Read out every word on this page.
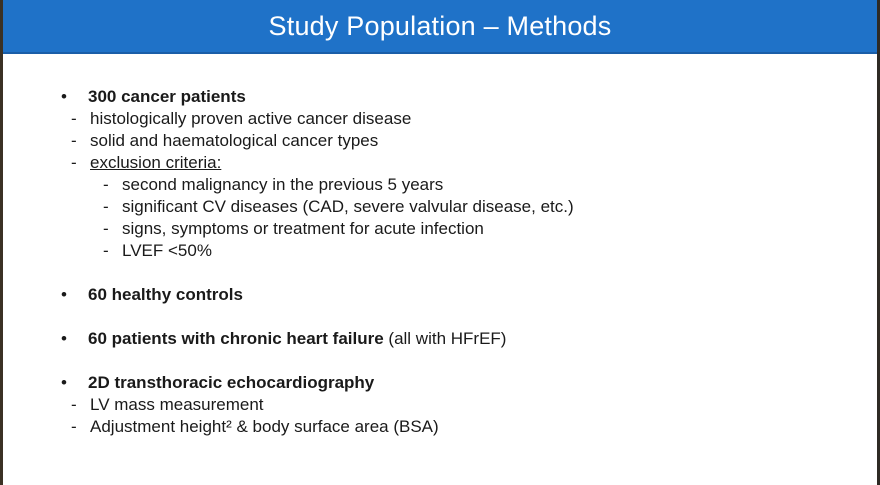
Study Population – Methods
• 300 cancer patients
- histologically proven active cancer disease
- solid and haematological cancer types
- exclusion criteria:
- second malignancy in the previous 5 years
- significant CV diseases (CAD, severe valvular disease, etc.)
- signs, symptoms or treatment for acute infection
- LVEF <50%
• 60 healthy controls
• 60 patients with chronic heart failure (all with HFrEF)
• 2D transthoracic echocardiography
- LV mass measurement
- Adjustment height² & body surface area (BSA)
